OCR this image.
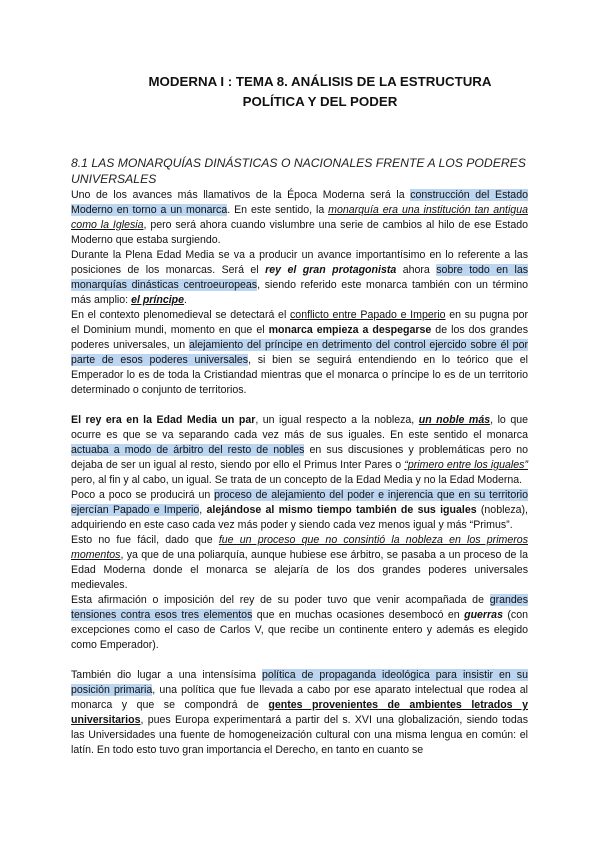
MODERNA I : TEMA 8. ANÁLISIS DE LA ESTRUCTURA
POLÍTICA Y DEL PODER
8.1 LAS MONARQUÍAS DINÁSTICAS O NACIONALES FRENTE A LOS PODERES UNIVERSALES

Uno de los avances más llamativos de la Época Moderna será la construcción del Estado Moderno en torno a un monarca. En este sentido, la monarquía era una institución tan antigua como la Iglesia, pero será ahora cuando vislumbre una serie de cambios al hilo de ese Estado Moderno que estaba surgiendo.

Durante la Plena Edad Media se va a producir un avance importantísimo en lo referente a las posiciones de los monarcas. Será el rey el gran protagonista ahora sobre todo en las monarquías dinásticas centroeuropeas, siendo referido este monarca también con un término más amplio: el príncipe.

En el contexto plenomedieval se detectará el conflicto entre Papado e Imperio en su pugna por el Dominium mundi, momento en que el monarca empieza a despegarse de los dos grandes poderes universales, un alejamiento del príncipe en detrimento del control ejercido sobre él por parte de esos poderes universales, si bien se seguirá entendiendo en lo teórico que el Emperador lo es de toda la Cristiandad mientras que el monarca o príncipe lo es de un territorio determinado o conjunto de territorios.

El rey era en la Edad Media un par, un igual respecto a la nobleza, un noble más, lo que ocurre es que se va separando cada vez más de sus iguales. En este sentido el monarca actuaba a modo de árbitro del resto de nobles en sus discusiones y problemáticas pero no dejaba de ser un igual al resto, siendo por ello el Primus Inter Pares o “primero entre los iguales” pero, al fin y al cabo, un igual. Se trata de un concepto de la Edad Media y no la Edad Moderna.

Poco a poco se producirá un proceso de alejamiento del poder e injerencia que en su territorio ejercían Papado e Imperio, alejándose al mismo tiempo también de sus iguales (nobleza), adquiriendo en este caso cada vez más poder y siendo cada vez menos igual y más “Primus”.

Esto no fue fácil, dado que fue un proceso que no consintió la nobleza en los primeros momentos, ya que de una poliarquía, aunque hubiese ese árbitro, se pasaba a un proceso de la Edad Moderna donde el monarca se alejaría de los dos grandes poderes universales medievales.

Esta afirmación o imposición del rey de su poder tuvo que venir acompañada de grandes tensiones contra esos tres elementos que en muchas ocasiones desembocó en guerras (con excepciones como el caso de Carlos V, que recibe un continente entero y además es elegido como Emperador).

También dio lugar a una intensísima política de propaganda ideológica para insistir en su posición primaria, una política que fue llevada a cabo por ese aparato intelectual que rodea al monarca y que se compondrá de gentes provenientes de ambientes letrados y universitarios, pues Europa experimentará a partir del s. XVI una globalización, siendo todas las Universidades una fuente de homogeneización cultural con una misma lengua en común: el latín. En todo esto tuvo gran importancia el Derecho, en tanto en cuanto se
